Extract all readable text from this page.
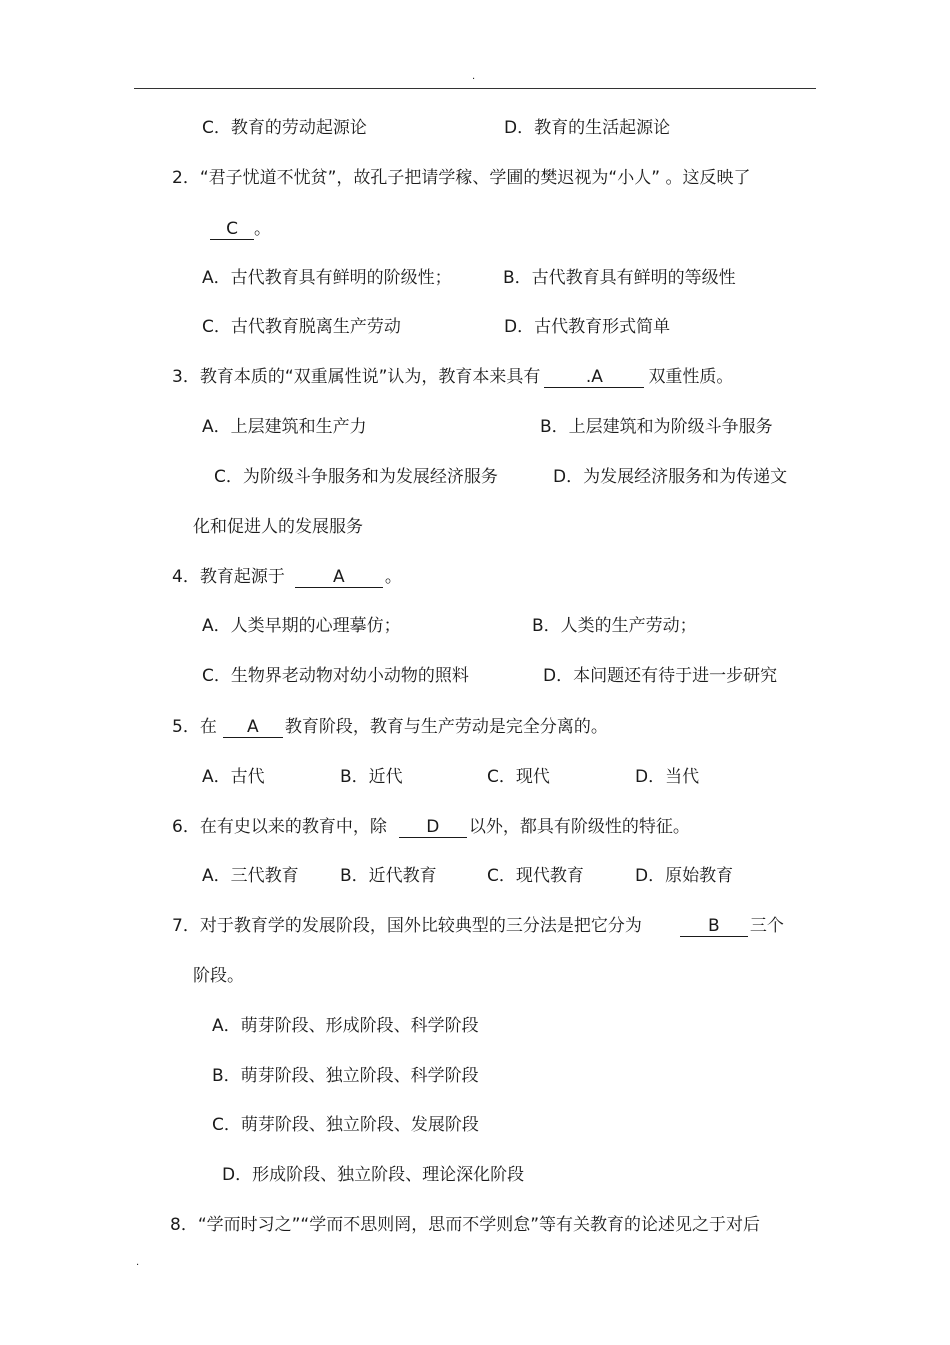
.
C．教育的劳动起源论	D．教育的生活起源论
2．“君子忧道不忧贫”，故孔子把请学稼、学圃的樊迟视为“小人” 。这反映了
C 。
A．古代教育具有鲜明的阶级性；	B．古代教育具有鲜明的等级性
C．古代教育脱离生产劳动	D．古代教育形式简单
3．教育本质的“双重属性说”认为，教育本来具有	.A	双重性质。
A．上层建筑和生产力	B．上层建筑和为阶级斗争服务
C．为阶级斗争服务和为发展经济服务	D．为发展经济服务和为传递文
化和促进人的发展服务
4．教育起源于	A 。
A．人类早期的心理摹仿；	B．人类的生产劳动；
C．生物界老动物对幼小动物的照料	D．本问题还有待于进一步研究
5．在 A 教育阶段，教育与生产劳动是完全分离的。
A．古代	B．近代	C．现代	D．当代
6．在有史以来的教育中，除 D 以外，都具有阶级性的特征。
A．三代教育 B．近代教育	C．现代教育	D．原始教育
7．对于教育学的发展阶段，国外比较典型的三分法是把它分为	B 三个
阶段。
A．萌芽阶段、形成阶段、科学阶段
B．萌芽阶段、独立阶段、科学阶段
C．萌芽阶段、独立阶段、发展阶段
D．形成阶段、独立阶段、理论深化阶段
8．“学而时习之”“学而不思则罔，思而不学则怠”等有关教育的论述见之于对后
.
